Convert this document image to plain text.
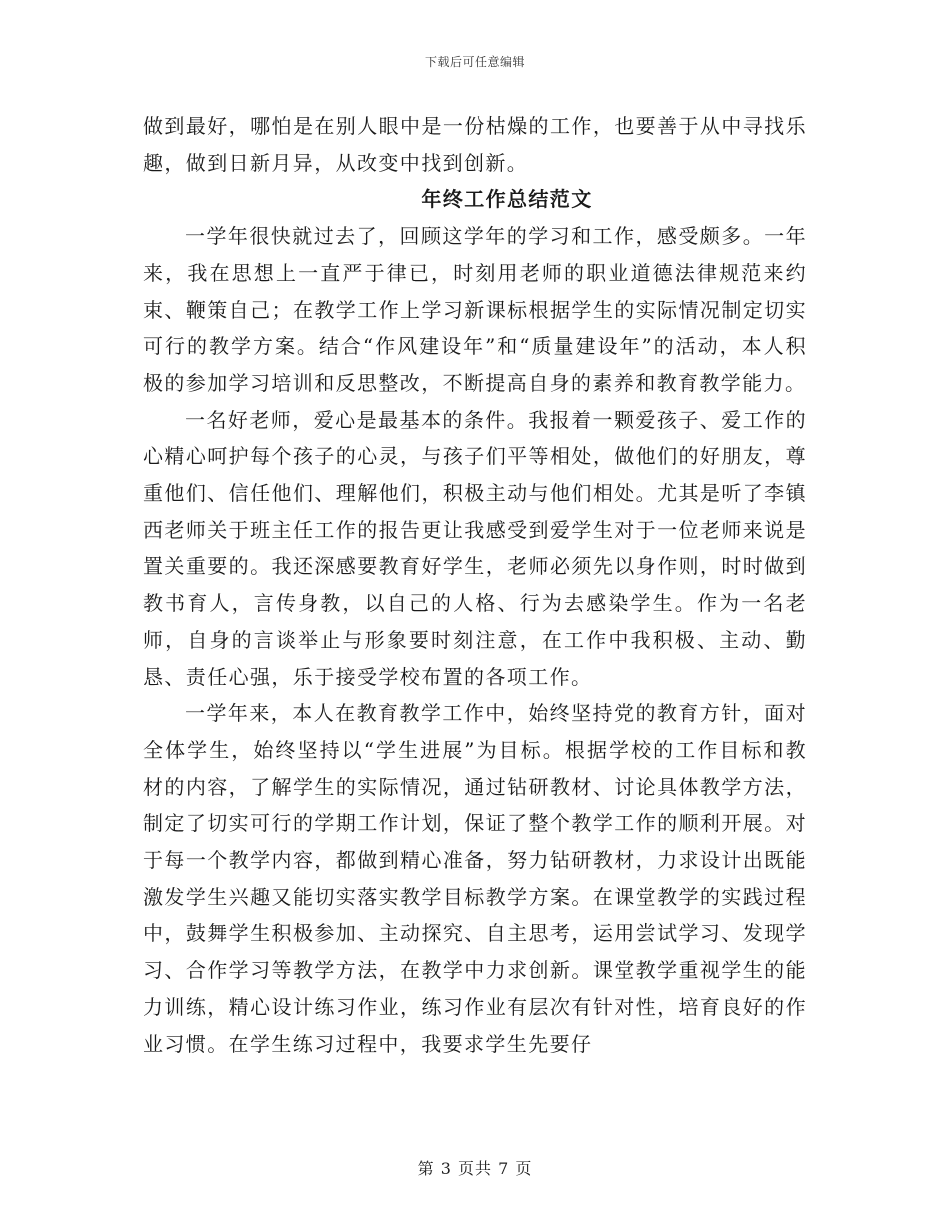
下载后可任意编辑

做到最好，哪怕是在别人眼中是一份枯燥的工作，也要善于从中寻找乐趣，做到日新月异，从改变中找到创新。

年终工作总结范文

一学年很快就过去了，回顾这学年的学习和工作，感受颇多。一年来，我在思想上一直严于律已，时刻用老师的职业道德法律规范来约束、鞭策自己；在教学工作上学习新课标根据学生的实际情况制定切实可行的教学方案。结合“作风建设年”和“质量建设年”的活动，本人积极的参加学习培训和反思整改，不断提高自身的素养和教育教学能力。

一名好老师，爱心是最基本的条件。我报着一颗爱孩子、爱工作的心精心呵护每个孩子的心灵，与孩子们平等相处，做他们的好朋友，尊重他们、信任他们、理解他们，积极主动与他们相处。尤其是听了李镇西老师关于班主任工作的报告更让我感受到爱学生对于一位老师来说是置关重要的。我还深感要教育好学生，老师必须先以身作则，时时做到教书育人，言传身教，以自己的人格、行为去感染学生。作为一名老师，自身的言谈举止与形象要时刻注意，在工作中我积极、主动、勤恳、责任心强，乐于接受学校布置的各项工作。

一学年来，本人在教育教学工作中，始终坚持党的教育方针，面对全体学生，始终坚持以“学生进展”为目标。根据学校的工作目标和教材的内容，了解学生的实际情况，通过钻研教材、讨论具体教学方法，制定了切实可行的学期工作计划，保证了整个教学工作的顺利开展。对于每一个教学内容，都做到精心准备，努力钻研教材，力求设计出既能激发学生兴趣又能切实落实教学目标教学方案。在课堂教学的实践过程中，鼓舞学生积极参加、主动探究、自主思考，运用尝试学习、发现学习、合作学习等教学方法，在教学中力求创新。课堂教学重视学生的能力训练，精心设计练习作业，练习作业有层次有针对性，培育良好的作业习惯。在学生练习过程中，我要求学生先要仔

第 3 页共 7 页
